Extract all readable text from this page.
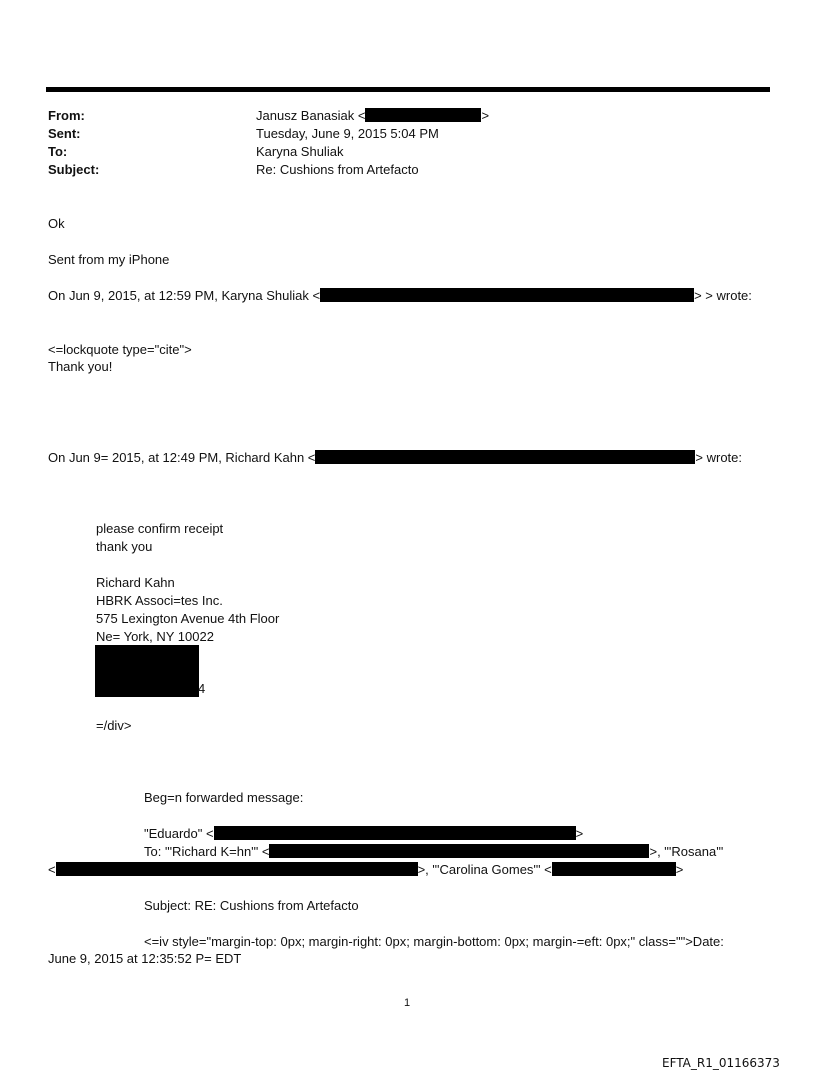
From:	Janusz Banasiak <	>
Sent:	Tuesday, June 9, 2015 5:04 PM
To:	Karyna Shuliak
Subject:	Re: Cushions from Artefacto
Ok
Sent from my iPhone
On Jun 9, 2015, at 12:59 PM, Karyna Shuliak <	> > wrote:
<=lockquote type="cite">
Thank you!
On Jun 9= 2015, at 12:49 PM, Richard Kahn <	> wrote:
please confirm receipt
thank you
Richard Kahn
HBRK Associ=tes Inc.
575 Lexington Avenue 4th Floor
Ne= York, NY 10022
4
=/div>
Beg=n forwarded message:
"Eduardo" <	>
To: "'Richard K=hn'" <	>, "'Rosana'"
<	>, "'Carolina Gomes'" <	>
Subject: RE: Cushions from Artefacto
<=iv style="margin-top: 0px; margin-right: 0px; margin-bottom: 0px; margin-=eft: 0px;" class="">Date:
June 9, 2015 at 12:35:52 P= EDT
1
EFTA_R1_01166373
